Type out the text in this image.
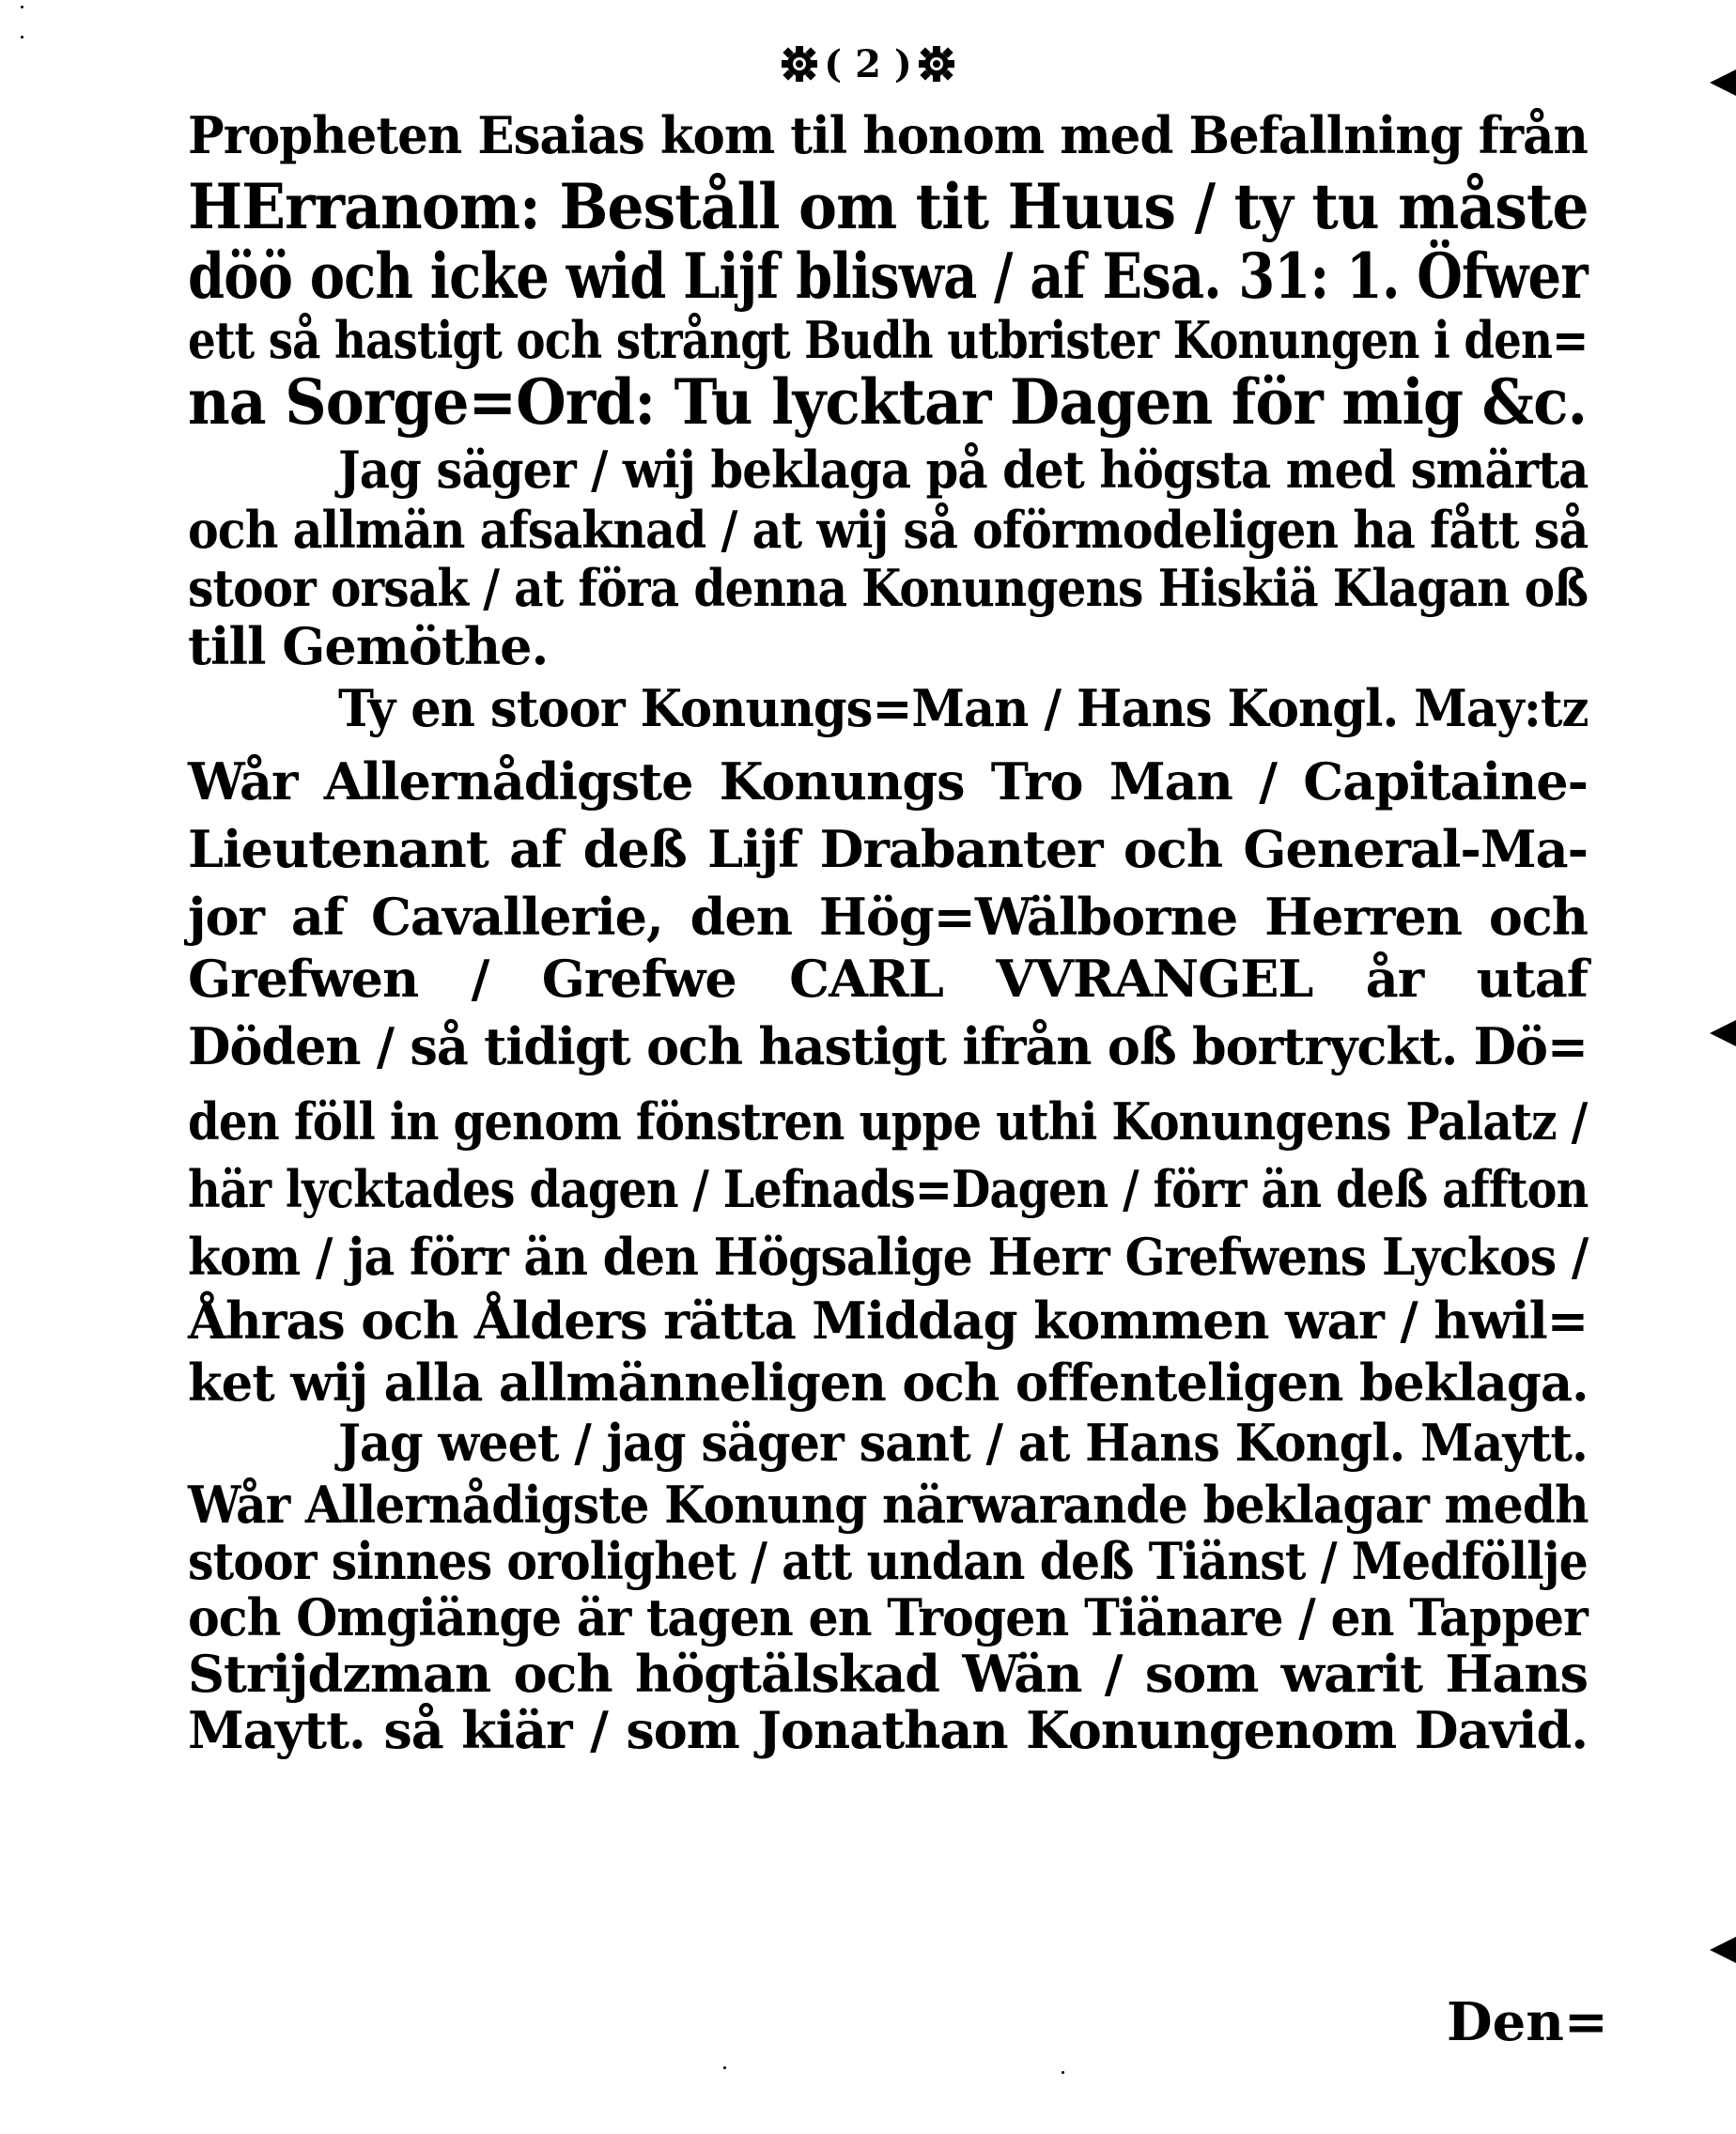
( 2 )
Propheten Esaias kom til honom med Befallning från
HErranom: Beståll om tit Huus / ty tu måste
döö och icke wid Lijf bliswa / af Esa. 31: 1. Öfwer
ett så hastigt och strångt Budh utbrister Konungen i den=
na Sorge=Ord: Tu lycktar Dagen för mig &c.
Jag säger / wij beklaga på det högsta med smärta
och allmän afsaknad / at wij så oförmodeligen ha fått så
stoor orsak / at föra denna Konungens Hiskiä Klagan oß
till Gemöthe.
Ty en stoor Konungs=Man / Hans Kongl. May:tz
Wår Allernådigste Konungs Tro Man / Capitaine-
Lieutenant af deß Lijf Drabanter och General-Ma-
jor af Cavallerie, den Hög=Wälborne Herren och
Grefwen / Grefwe CARL VVRANGEL år utaf
Döden / så tidigt och hastigt ifrån oß bortryckt. Dö=
den föll in genom fönstren uppe uthi Konungens Palatz /
här lycktades dagen / Lefnads=Dagen / förr än deß affton
kom / ja förr än den Högsalige Herr Grefwens Lyckos /
Åhras och Ålders rätta Middag kommen war / hwil=
ket wij alla allmänneligen och offenteligen beklaga.
Jag weet / jag säger sant / at Hans Kongl. Maytt.
Wår Allernådigste Konung närwarande beklagar medh
stoor sinnes orolighet / att undan deß Tiänst / Medföllje
och Omgiänge är tagen en Trogen Tiänare / en Tapper
Strijdzman och högtälskad Wän / som warit Hans
Maytt. så kiär / som Jonathan Konungenom David.
Den=
